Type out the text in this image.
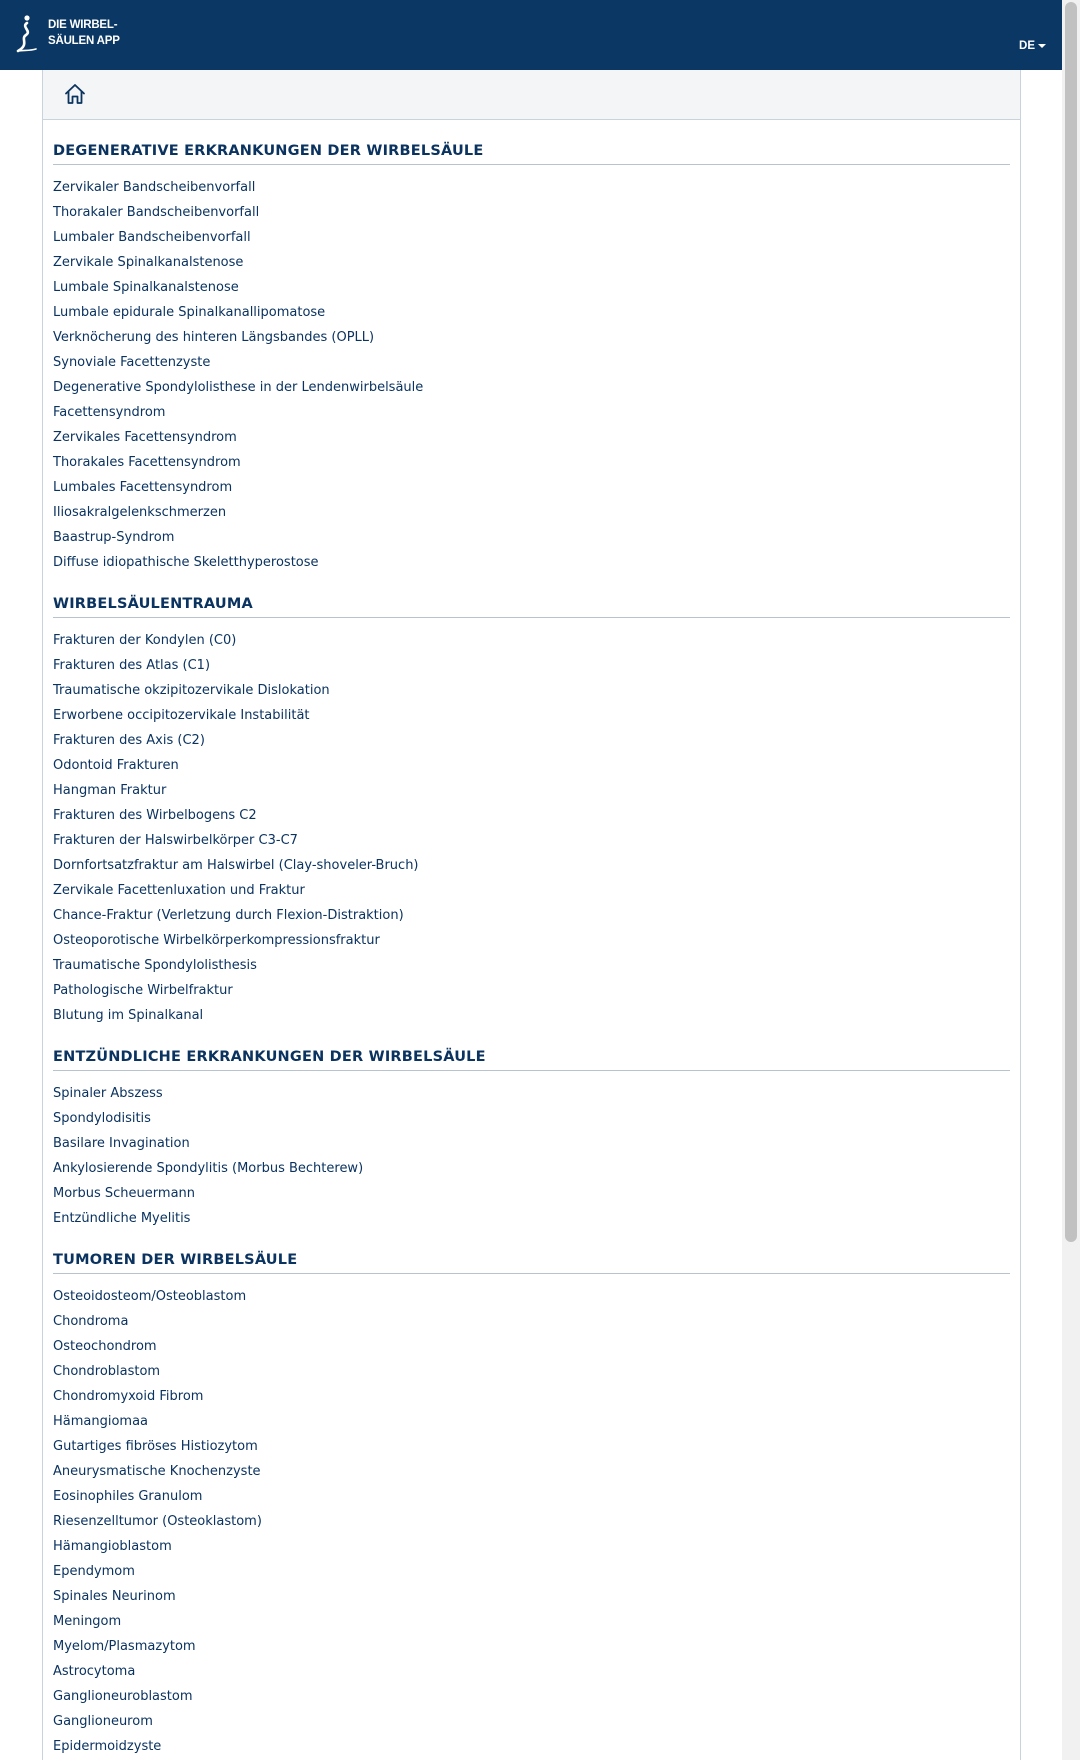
DIE WIRBEL-
SÄULEN APP	DE
DEGENERATIVE ERKRANKUNGEN DER WIRBELSÄULE
Zervikaler Bandscheibenvorfall
Thorakaler Bandscheibenvorfall
Lumbaler Bandscheibenvorfall
Zervikale Spinalkanalstenose
Lumbale Spinalkanalstenose
Lumbale epidurale Spinalkanallipomatose
Verknöcherung des hinteren Längsbandes (OPLL)
Synoviale Facettenzyste
Degenerative Spondylolisthese in der Lendenwirbelsäule
Facettensyndrom
Zervikales Facettensyndrom
Thorakales Facettensyndrom
Lumbales Facettensyndrom
Iliosakralgelenkschmerzen
Baastrup-Syndrom
Diffuse idiopathische Skeletthyperostose
WIRBELSÄULENTRAUMA
Frakturen der Kondylen (C0)
Frakturen des Atlas (C1)
Traumatische okzipitozervikale Dislokation
Erworbene occipitozervikale Instabilität
Frakturen des Axis (C2)
Odontoid Frakturen
Hangman Fraktur
Frakturen des Wirbelbogens C2
Frakturen der Halswirbelkörper C3-C7
Dornfortsatzfraktur am Halswirbel (Clay-shoveler-Bruch)
Zervikale Facettenluxation und Fraktur
Chance-Fraktur (Verletzung durch Flexion-Distraktion)
Osteoporotische Wirbelkörperkompressionsfraktur
Traumatische Spondylolisthesis
Pathologische Wirbelfraktur
Blutung im Spinalkanal
ENTZÜNDLICHE ERKRANKUNGEN DER WIRBELSÄULE
Spinaler Abszess
Spondylodisitis
Basilare Invagination
Ankylosierende Spondylitis (Morbus Bechterew)
Morbus Scheuermann
Entzündliche Myelitis
TUMOREN DER WIRBELSÄULE
Osteoidosteom/Osteoblastom
Chondroma
Osteochondrom
Chondroblastom
Chondromyxoid Fibrom
Hämangiomaa
Gutartiges fibröses Histiozytom
Aneurysmatische Knochenzyste
Eosinophiles Granulom
Riesenzelltumor (Osteoklastom)
Hämangioblastom
Ependymom
Spinales Neurinom
Meningom
Myelom/Plasmazytom
Astrocytoma
Ganglioneuroblastom
Ganglioneurom
Epidermoidzyste
